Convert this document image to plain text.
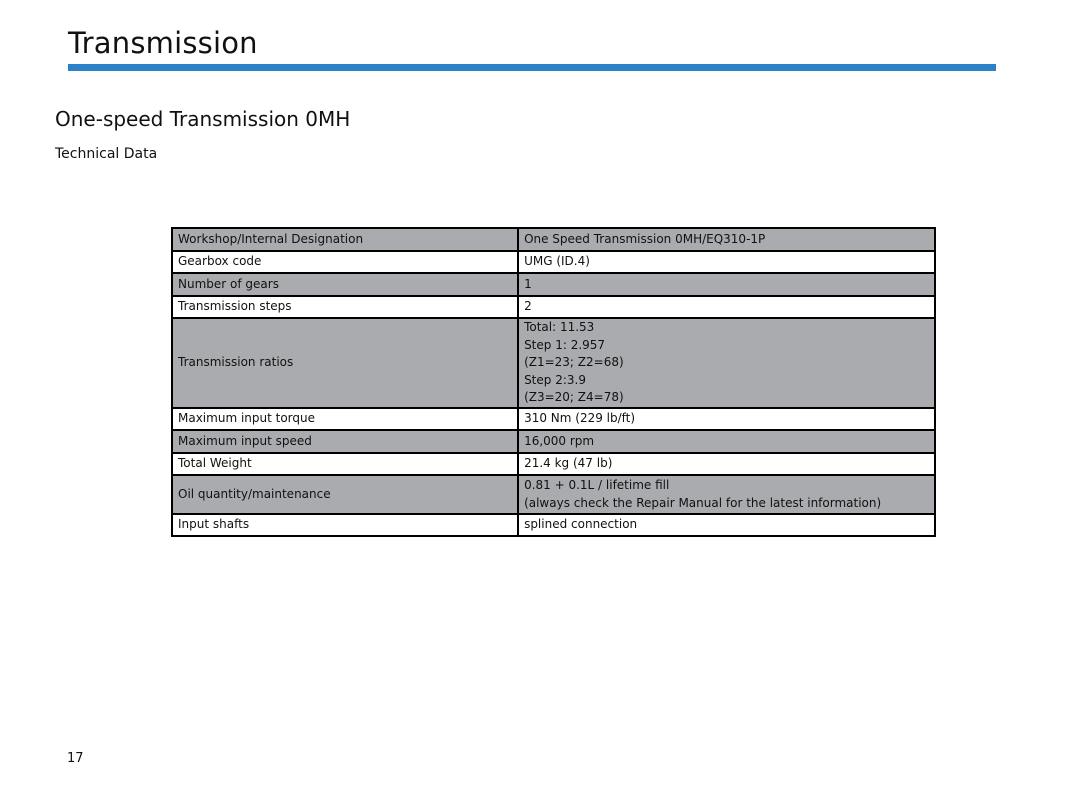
Transmission
One-speed Transmission 0MH
Technical Data
Workshop/Internal Designation	One Speed Transmission 0MH/EQ310-1P

Gearbox code	UMG (ID.4)

Number of gears	1

Transmission steps	2

Transmission ratios	Total: 11.53
Step 1: 2.957
(Z1=23; Z2=68)
Step 2:3.9
(Z3=20; Z4=78)

Maximum input torque	310 Nm (229 lb/ft)

Maximum input speed	16,000 rpm

Total Weight	21.4 kg (47 lb)

Oil quantity/maintenance	0.81 + 0.1L / lifetime fill
(always check the Repair Manual for the latest information)

Input shafts	splined connection
17
